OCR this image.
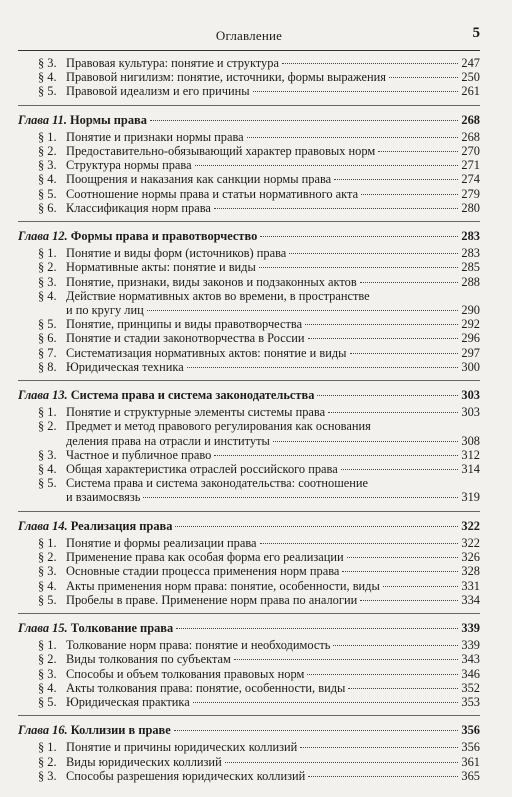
Оглавление	5
§ 3. Правовая культура: понятие и структура	247
§ 4. Правовой нигилизм: понятие, источники, формы выражения	250
§ 5. Правовой идеализм и его причины	261
Глава 11. Нормы права	268
§ 1. Понятие и признаки нормы права	268
§ 2. Предоставительно-обязывающий характер правовых норм	270
§ 3. Структура нормы права	271
§ 4. Поощрения и наказания как санкции нормы права	274
§ 5. Соотношение нормы права и статьи нормативного акта	279
§ 6. Классификация норм права	280
Глава 12. Формы права и правотворчество	283
§ 1. Понятие и виды форм (источников) права	283
§ 2. Нормативные акты: понятие и виды	285
§ 3. Понятие, признаки, виды законов и подзаконных актов	288
§ 4. Действие нормативных актов во времени, в пространстве
и по кругу лиц	290
§ 5. Понятие, принципы и виды правотворчества	292
§ 6. Понятие и стадии законотворчества в России	296
§ 7. Систематизация нормативных актов: понятие и виды	297
§ 8. Юридическая техника	300
Глава 13. Система права и система законодательства	303
§ 1. Понятие и структурные элементы системы права	303
§ 2. Предмет и метод правового регулирования как основания
деления права на отрасли и институты	308
§ 3. Частное и публичное право	312
§ 4. Общая характеристика отраслей российского права	314
§ 5. Система права и система законодательства: соотношение
и взаимосвязь	319
Глава 14. Реализация права	322
§ 1. Понятие и формы реализации права	322
§ 2. Применение права как особая форма его реализации	326
§ 3. Основные стадии процесса применения норм права	328
§ 4. Акты применения норм права: понятие, особенности, виды	331
§ 5. Пробелы в праве. Применение норм права по аналогии	334
Глава 15. Толкование права	339
§ 1. Толкование норм права: понятие и необходимость	339
§ 2. Виды толкования по субъектам	343
§ 3. Способы и объем толкования правовых норм	346
§ 4. Акты толкования права: понятие, особенности, виды	352
§ 5. Юридическая практика	353
Глава 16. Коллизии в праве	356
§ 1. Понятие и причины юридических коллизий	356
§ 2. Виды юридических коллизий	361
§ 3. Способы разрешения юридических коллизий	365
